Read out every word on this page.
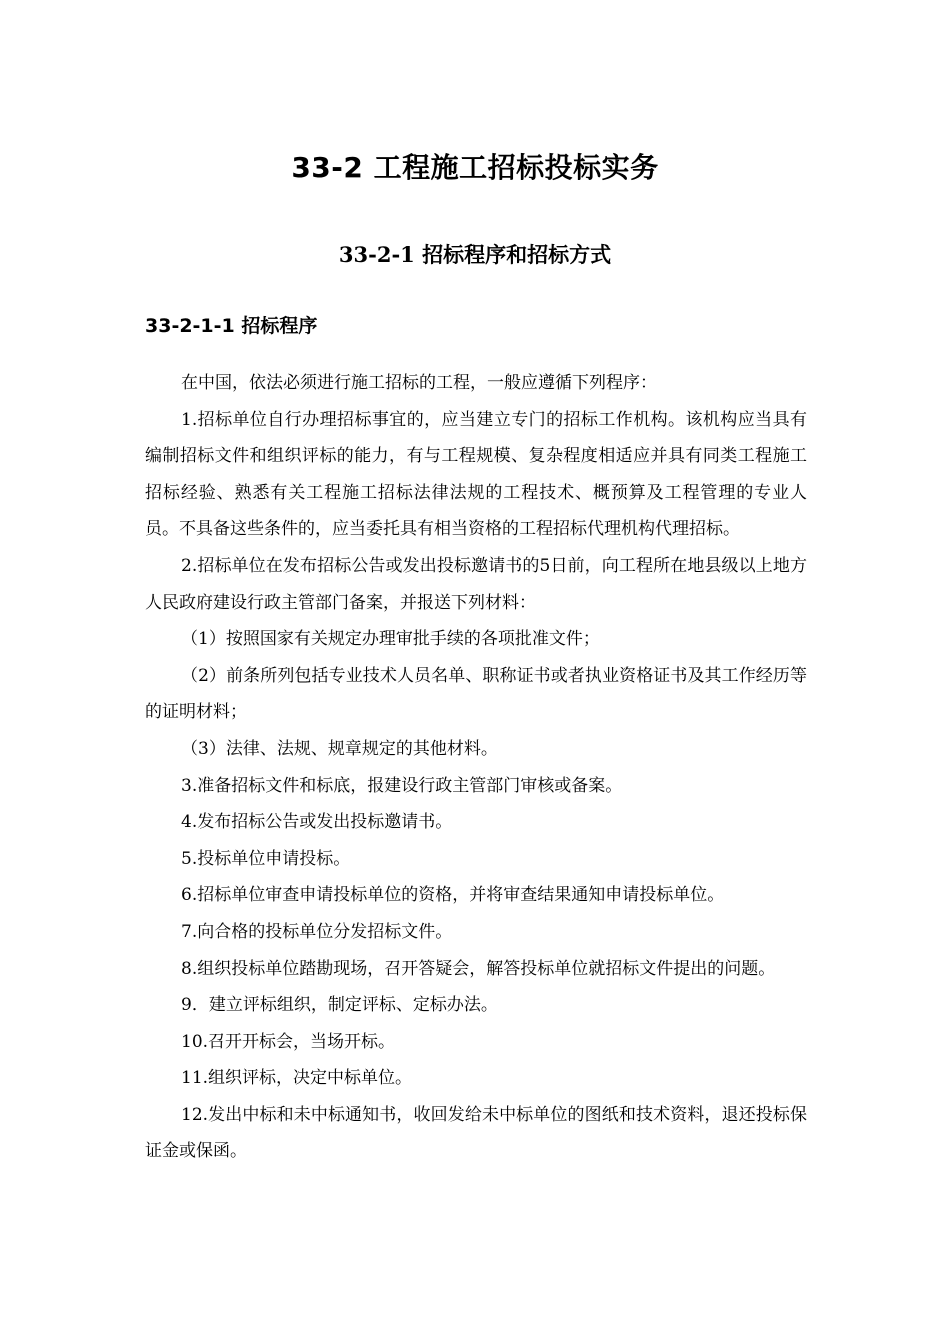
33-2 工程施工招标投标实务
33-2-1 招标程序和招标方式
33-2-1-1 招标程序

在中国，依法必须进行施工招标的工程，一般应遵循下列程序：

1.招标单位自行办理招标事宜的，应当建立专门的招标工作机构。该机构应当具有编制招标文件和组织评标的能力，有与工程规模、复杂程度相适应并具有同类工程施工招标经验、熟悉有关工程施工招标法律法规的工程技术、概预算及工程管理的专业人员。不具备这些条件的，应当委托具有相当资格的工程招标代理机构代理招标。

2.招标单位在发布招标公告或发出投标邀请书的5日前，向工程所在地县级以上地方人民政府建设行政主管部门备案，并报送下列材料：

（1）按照国家有关规定办理审批手续的各项批准文件；

（2）前条所列包括专业技术人员名单、职称证书或者执业资格证书及其工作经历等的证明材料；

（3）法律、法规、规章规定的其他材料。

3.准备招标文件和标底，报建设行政主管部门审核或备案。

4.发布招标公告或发出投标邀请书。

5.投标单位申请投标。

6.招标单位审查申请投标单位的资格，并将审查结果通知申请投标单位。

7.向合格的投标单位分发招标文件。

8.组织投标单位踏勘现场，召开答疑会，解答投标单位就招标文件提出的问题。

9．建立评标组织，制定评标、定标办法。

10.召开开标会，当场开标。

11.组织评标，决定中标单位。

12.发出中标和未中标通知书，收回发给未中标单位的图纸和技术资料，退还投标保证金或保函。
